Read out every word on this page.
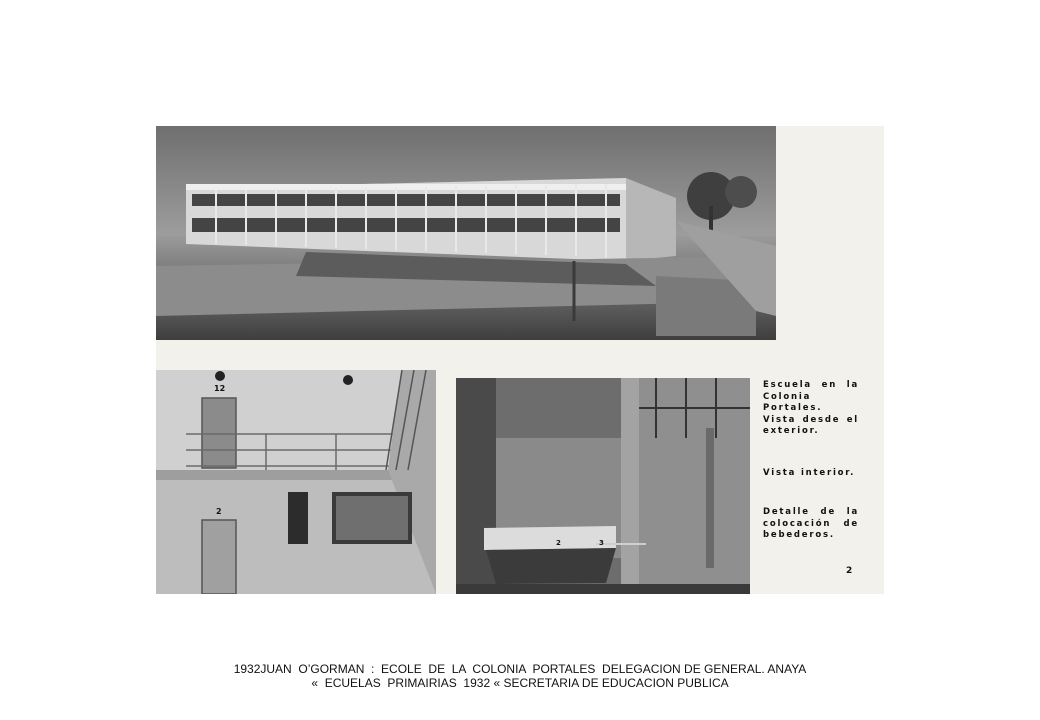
12
2
2	3

Escuela en la Colonia Portales. Vista desde el exterior.

Vista interior.

Detalle de la colocación de bebederos.

2
1932JUAN  O’GORMAN  :  ECOLE  DE  LA  COLONIA  PORTALES  DELEGACION DE GENERAL. ANAYA
«  ECUELAS  PRIMAIRIAS  1932 « SECRETARIA DE EDUCACION PUBLICA
